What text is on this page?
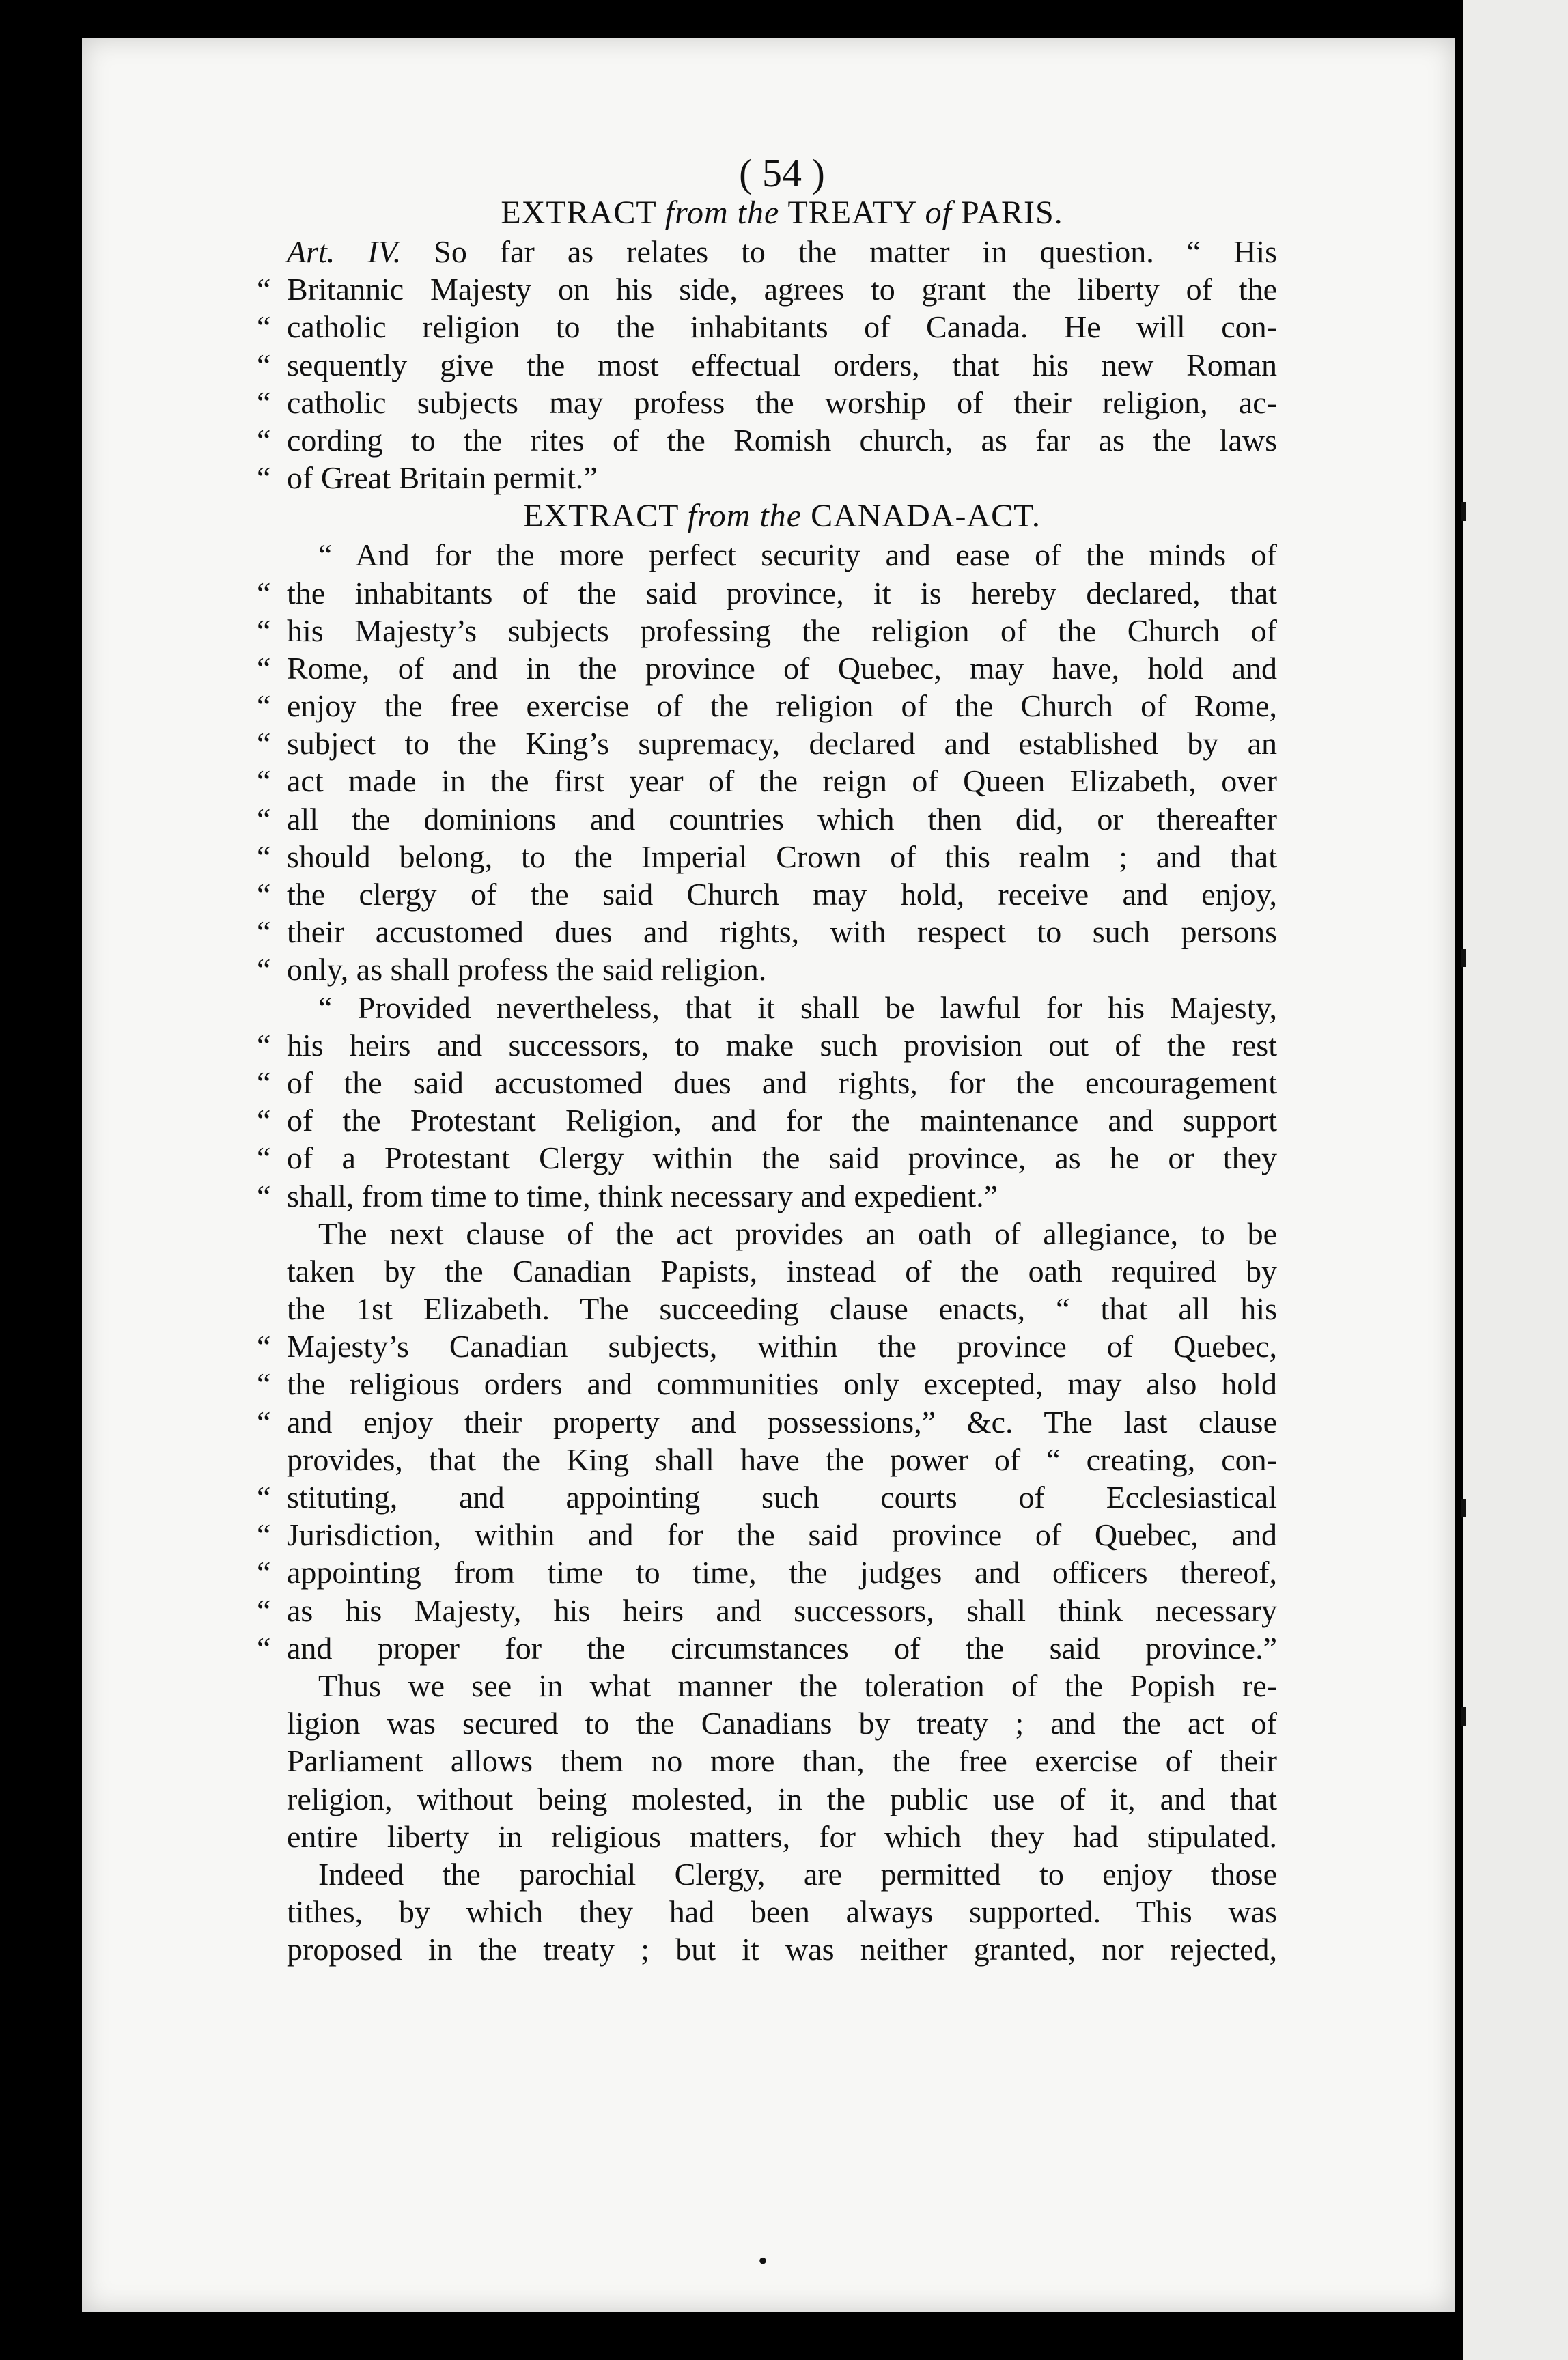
( 54 )
EXTRACT from the TREATY of PARIS.
Art. IV. So far as relates to the matter in question. “ His
“ Britannic Majesty on his side, agrees to grant the liberty of the
“ catholic religion to the inhabitants of Canada. He will con-
“ sequently give the most effectual orders, that his new Roman
“ catholic subjects may profess the worship of their religion, ac-
“ cording to the rites of the Romish church, as far as the laws
“ of Great Britain permit.”
EXTRACT from the CANADA-ACT.
“ And for the more perfect security and ease of the minds of
“ the inhabitants of the said province, it is hereby declared, that
“ his Majesty’s subjects professing the religion of the Church of
“ Rome, of and in the province of Quebec, may have, hold and
“ enjoy the free exercise of the religion of the Church of Rome,
“ subject to the King’s supremacy, declared and established by an
“ act made in the first year of the reign of Queen Elizabeth, over
“ all the dominions and countries which then did, or thereafter
“ should belong, to the Imperial Crown of this realm ; and that
“ the clergy of the said Church may hold, receive and enjoy,
“ their accustomed dues and rights, with respect to such persons
“ only, as shall profess the said religion.
“ Provided nevertheless, that it shall be lawful for his Majesty,
“ his heirs and successors, to make such provision out of the rest
“ of the said accustomed dues and rights, for the encouragement
“ of the Protestant Religion, and for the maintenance and support
“ of a Protestant Clergy within the said province, as he or they
“ shall, from time to time, think necessary and expedient.”
The next clause of the act provides an oath of allegiance, to be
taken by the Canadian Papists, instead of the oath required by
the 1st Elizabeth. The succeeding clause enacts, “ that all his
“ Majesty’s Canadian subjects, within the province of Quebec,
“ the religious orders and communities only excepted, may also hold
“ and enjoy their property and possessions,” &c. The last clause
provides, that the King shall have the power of “ creating, con-
“ stituting, and appointing such courts of Ecclesiastical
“ Jurisdiction, within and for the said province of Quebec, and
“ appointing from time to time, the judges and officers thereof,
“ as his Majesty, his heirs and successors, shall think necessary
“ and proper for the circumstances of the said province.”
Thus we see in what manner the toleration of the Popish re-
ligion was secured to the Canadians by treaty ; and the act of
Parliament allows them no more than, the free exercise of their
religion, without being molested, in the public use of it, and that
entire liberty in religious matters, for which they had stipulated.
Indeed the parochial Clergy, are permitted to enjoy those
tithes, by which they had been always supported. This was
proposed in the treaty ; but it was neither granted, nor rejected,
•
